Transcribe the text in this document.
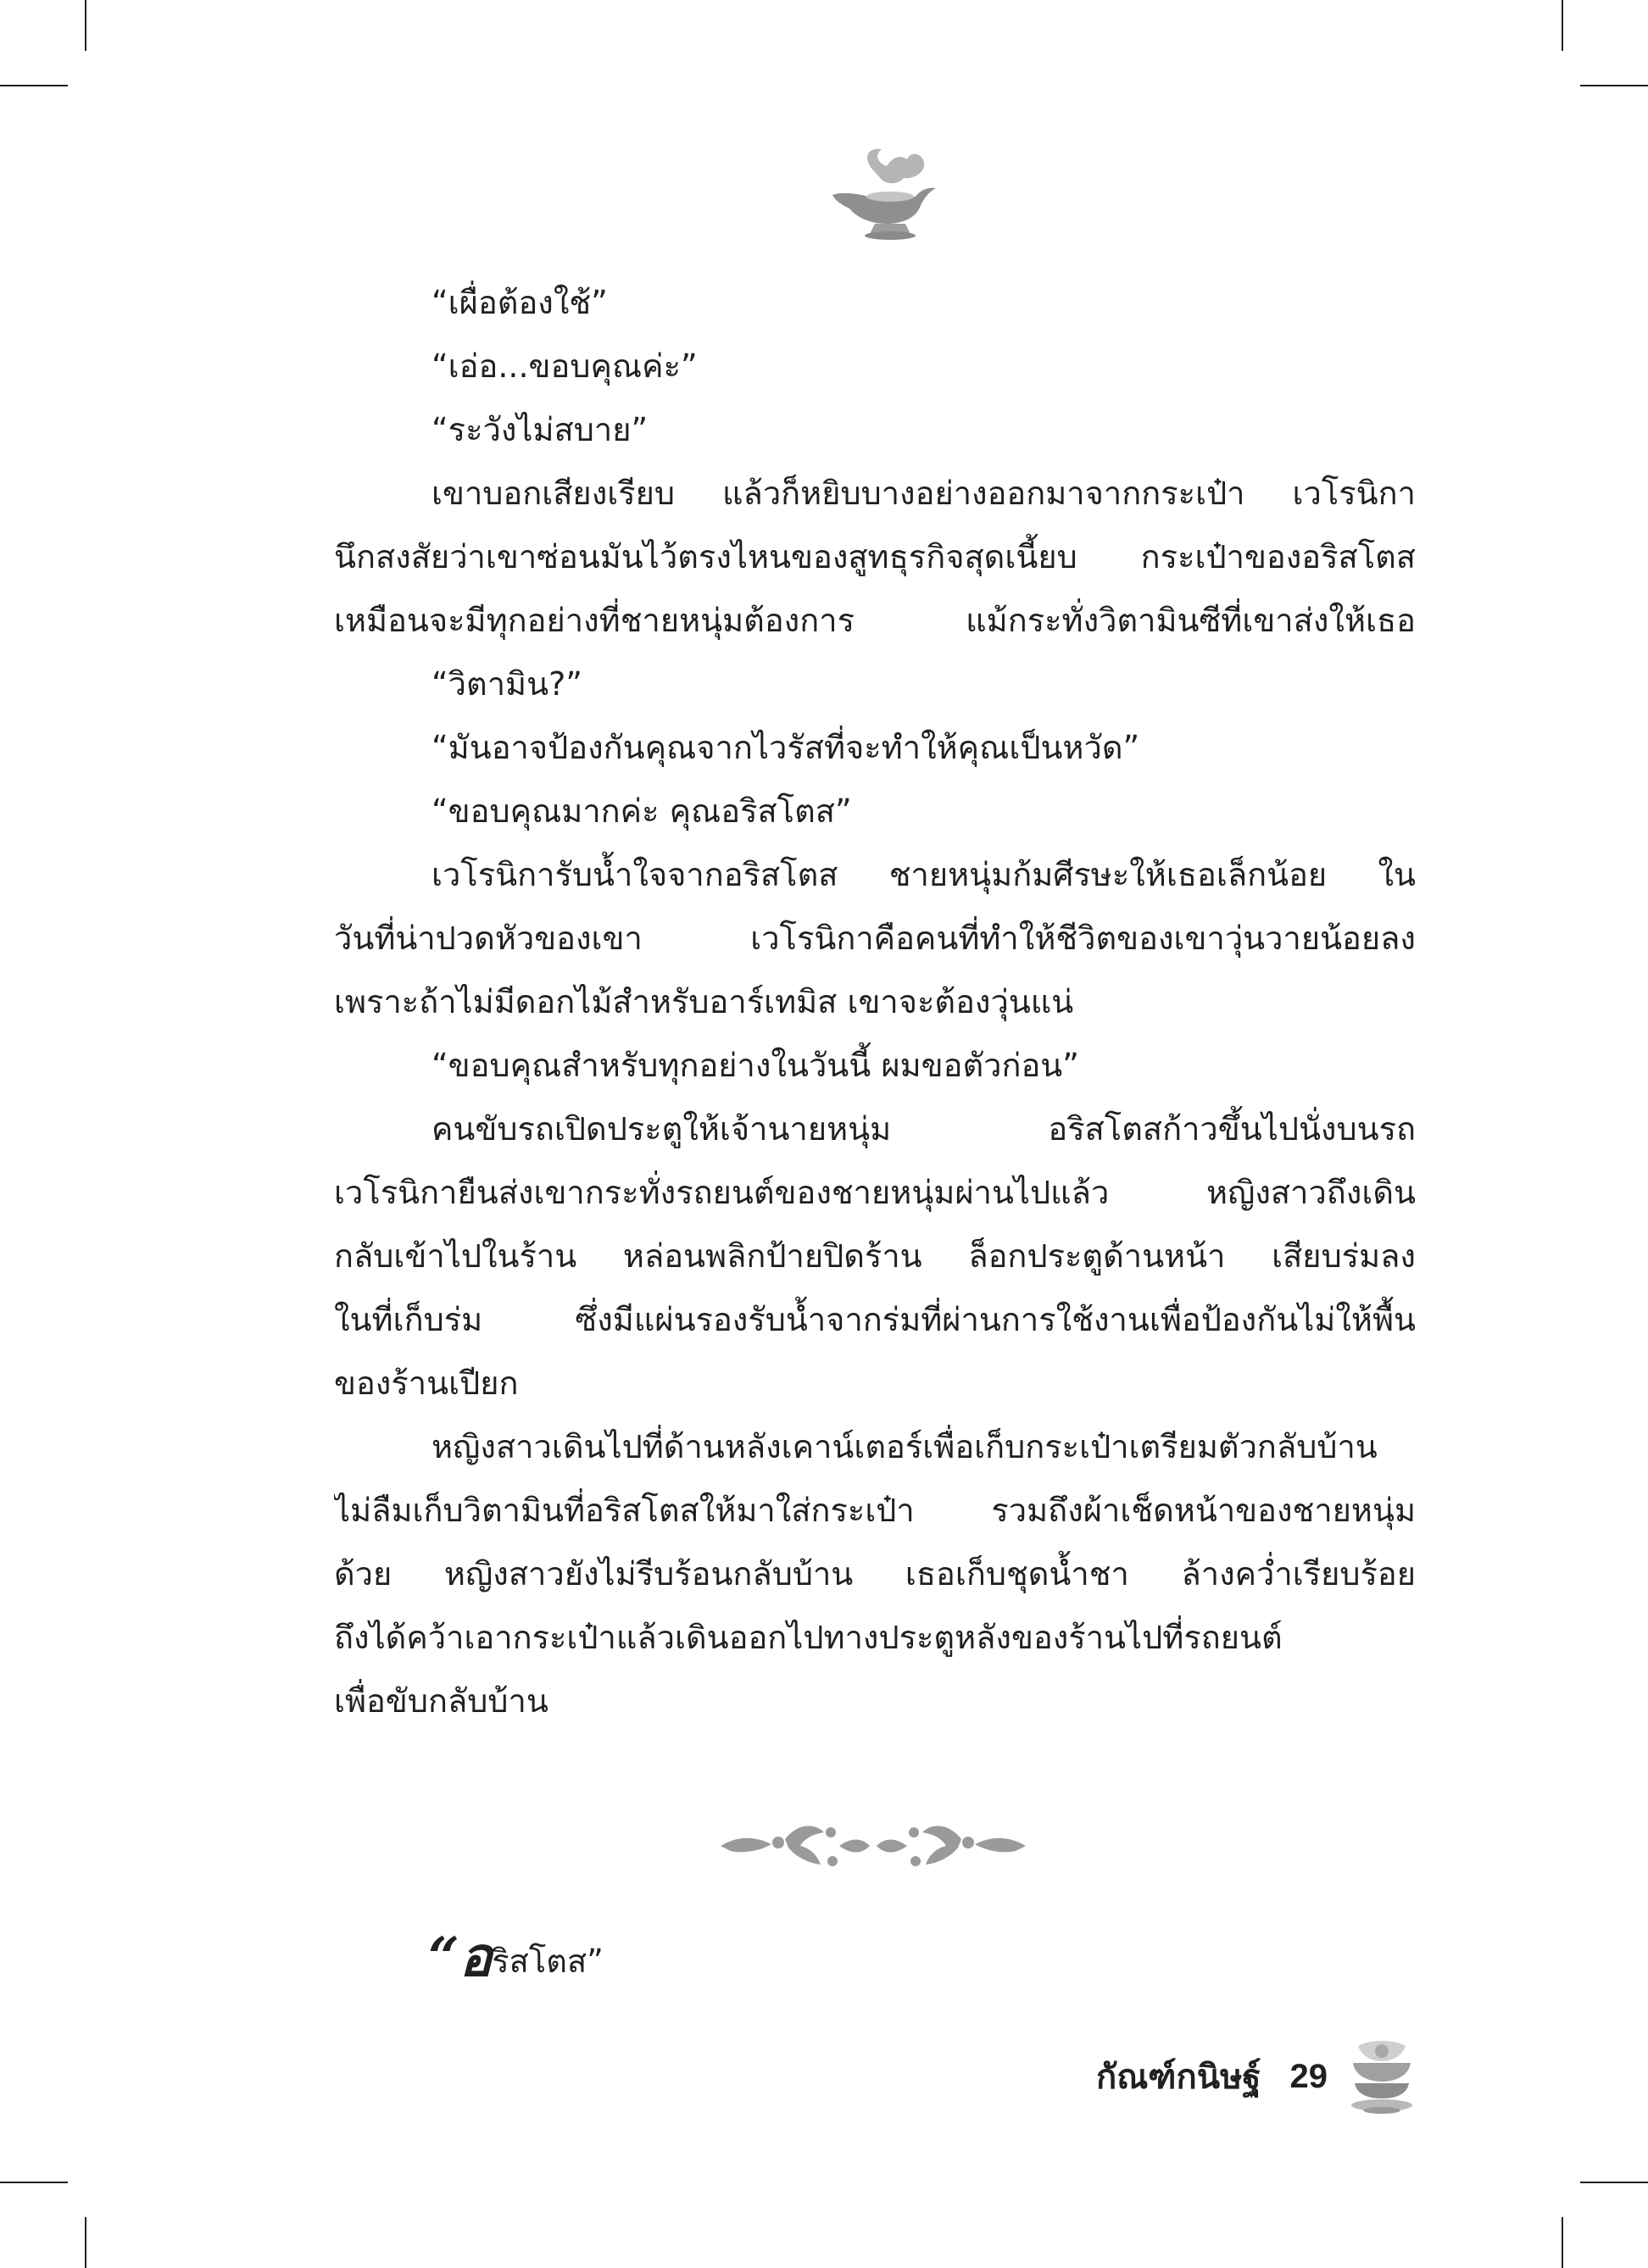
“เผื่อต้องใช้”
“เอ่อ...ขอบคุณค่ะ”
“ระวังไม่สบาย”
เขาบอกเสียงเรียบ แล้วก็หยิบบางอย่างออกมาจากกระเป๋า เวโรนิกา
นึกสงสัยว่าเขาซ่อนมันไว้ตรงไหนของสูทธุรกิจสุดเนี้ยบ กระเป๋าของอริสโตส
เหมือนจะมีทุกอย่างที่ชายหนุ่มต้องการ แม้กระทั่งวิตามินซีที่เขาส่งให้เธอ
“วิตามิน?”
“มันอาจป้องกันคุณจากไวรัสที่จะทำให้คุณเป็นหวัด”
“ขอบคุณมากค่ะ คุณอริสโตส”
เวโรนิการับน้ำใจจากอริสโตส ชายหนุ่มก้มศีรษะให้เธอเล็กน้อย ใน
วันที่น่าปวดหัวของเขา เวโรนิกาคือคนที่ทำให้ชีวิตของเขาวุ่นวายน้อยลง
เพราะถ้าไม่มีดอกไม้สำหรับอาร์เทมิส เขาจะต้องวุ่นแน่
“ขอบคุณสำหรับทุกอย่างในวันนี้ ผมขอตัวก่อน”
คนขับรถเปิดประตูให้เจ้านายหนุ่ม อริสโตสก้าวขึ้นไปนั่งบนรถ
เวโรนิกายืนส่งเขากระทั่งรถยนต์ของชายหนุ่มผ่านไปแล้ว หญิงสาวถึงเดิน
กลับเข้าไปในร้าน หล่อนพลิกป้ายปิดร้าน ล็อกประตูด้านหน้า เสียบร่มลง
ในที่เก็บร่ม ซึ่งมีแผ่นรองรับน้ำจากร่มที่ผ่านการใช้งานเพื่อป้องกันไม่ให้พื้น
ของร้านเปียก
หญิงสาวเดินไปที่ด้านหลังเคาน์เตอร์เพื่อเก็บกระเป๋าเตรียมตัวกลับบ้าน
ไม่ลืมเก็บวิตามินที่อริสโตสให้มาใส่กระเป๋า รวมถึงผ้าเช็ดหน้าของชายหนุ่ม
ด้วย หญิงสาวยังไม่รีบร้อนกลับบ้าน เธอเก็บชุดน้ำชา ล้างคว่ำเรียบร้อย
ถึงได้คว้าเอากระเป๋าแล้วเดินออกไปทางประตูหลังของร้านไปที่รถยนต์
เพื่อขับกลับบ้าน
“อริสโตส”
กัณฑ์กนิษฐ์ 29
